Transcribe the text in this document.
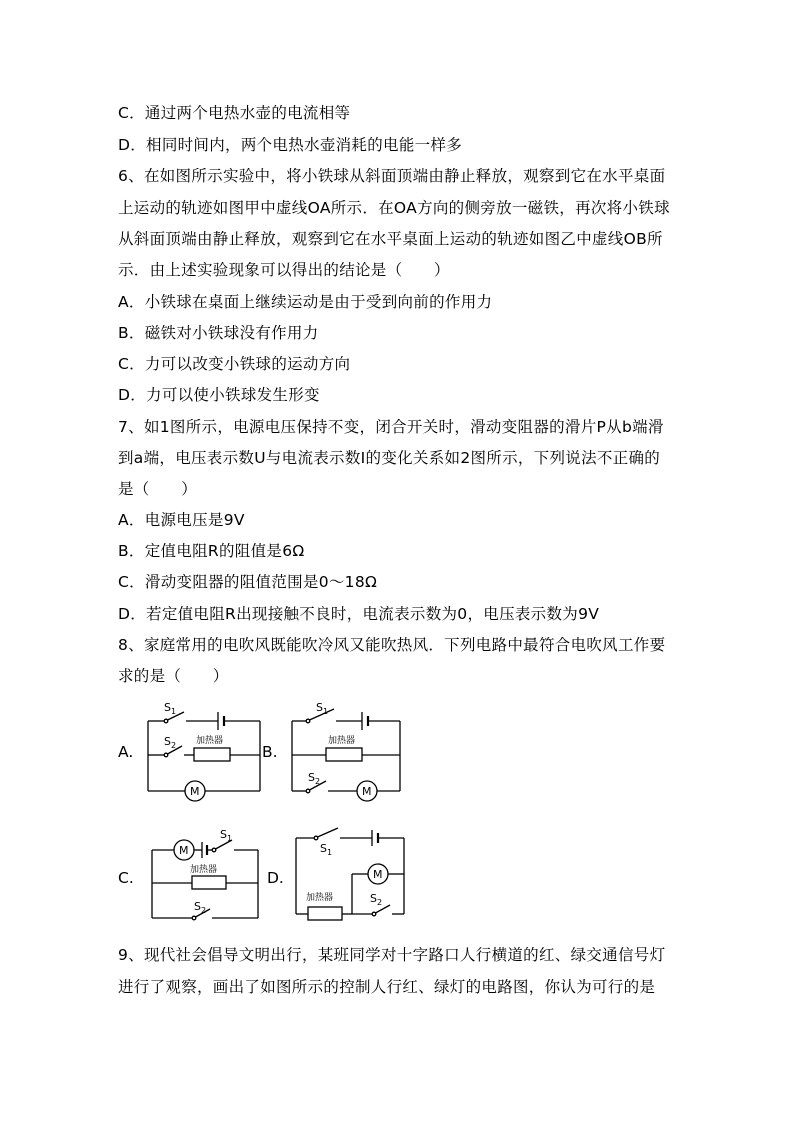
C．通过两个电热水壶的电流相等
D．相同时间内，两个电热水壶消耗的电能一样多
6、在如图所示实验中，将小铁球从斜面顶端由静止释放，观察到它在水平桌面
上运动的轨迹如图甲中虚线OA所示．在OA方向的侧旁放一磁铁，再次将小铁球
从斜面顶端由静止释放，观察到它在水平桌面上运动的轨迹如图乙中虚线OB所
示．由上述实验现象可以得出的结论是（　　）
A．小铁球在桌面上继续运动是由于受到向前的作用力
B．磁铁对小铁球没有作用力
C．力可以改变小铁球的运动方向
D．力可以使小铁球发生形变
7、如1图所示，电源电压保持不变，闭合开关时，滑动变阻器的滑片P从b端滑
到a端，电压表示数U与电流表示数I的变化关系如2图所示，下列说法不正确的
是（　　）
A．电源电压是9V
B．定值电阻R的阻值是6Ω
C．滑动变阻器的阻值范围是0～18Ω
D．若定值电阻R出现接触不良时，电流表示数为0，电压表示数为9V
8、家庭常用的电吹风既能吹冷风又能吹热风．下列电路中最符合电吹风工作要
求的是（　　）
9、现代社会倡导文明出行，某班同学对十字路口人行横道的红、绿交通信号灯
进行了观察，画出了如图所示的控制人行红、绿灯的电路图，你认为可行的是
A.	B.
C.	D.
$S_1$
$S_2$ 加热器
M
$S_1$
$S_2$
加热器
M
$S_1$
$S_2$
加热器
M	$S_1$
$S_2$
加热器
M
